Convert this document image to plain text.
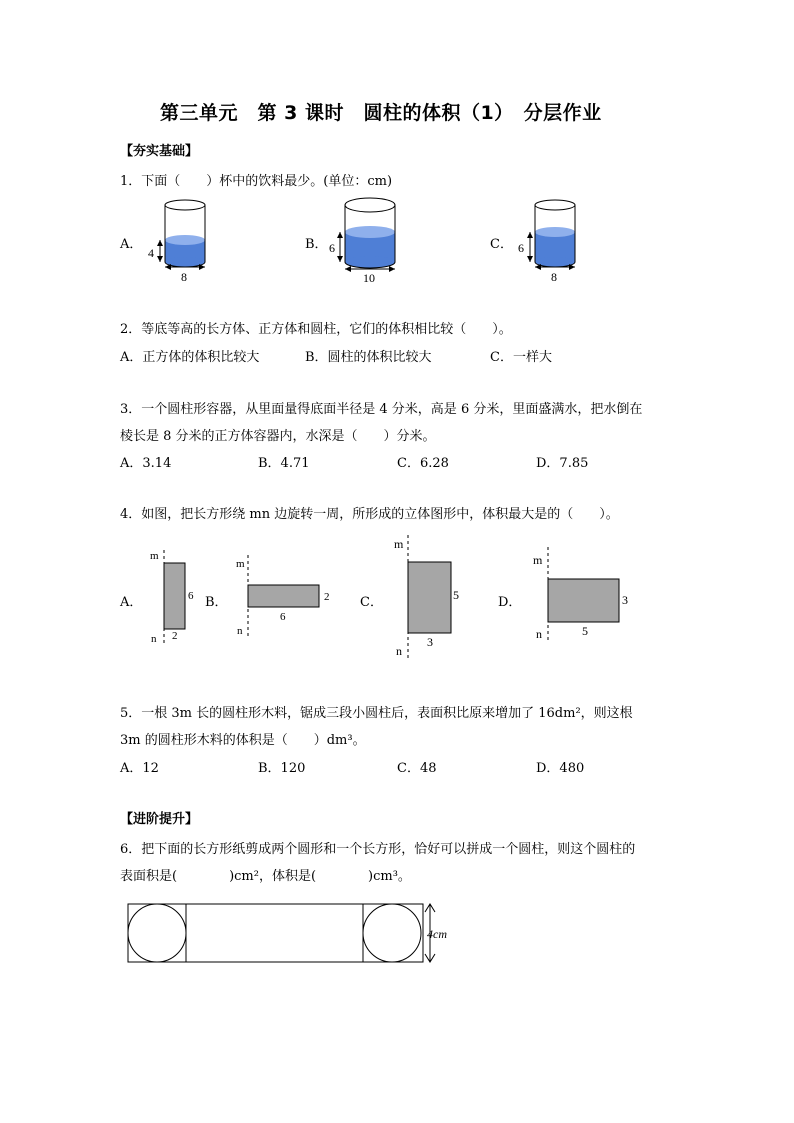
第三单元　第 3 课时　圆柱的体积（1）　分层作业
【夯实基础】
1．下面（　　）杯中的饮料最少。(单位：cm)
A．	B．	C．
4
8
6
10
6
8
2．等底等高的长方体、正方体和圆柱，它们的体积相比较（　　）。
A．正方体的体积比较大	B．圆柱的体积比较大	C．一样大
3．一个圆柱形容器，从里面量得底面半径是 4 分米，高是 6 分米，里面盛满水，把水倒在
棱长是 8 分米的正方体容器内，水深是（　　）分米。
A．3.14	B．4.71	C．6.28	D．7.85
4．如图，把长方形绕 mn 边旋转一周，所形成的立体图形中，体积最大是的（　　）。
A．	B．	C．	D．
m
n
6
2
m
n
2
6
m
n
5
3
m
n
3
5
5．一根 3m 长的圆柱形木料，锯成三段小圆柱后，表面积比原来增加了 16dm²，则这根
3m 的圆柱形木料的体积是（　　）dm³。
A．12	B．120	C．48	D．480
【进阶提升】
6．把下面的长方形纸剪成两个圆形和一个长方形，恰好可以拼成一个圆柱，则这个圆柱的
表面积是(　　　　)cm²，体积是(　　　　)cm³。
4cm
